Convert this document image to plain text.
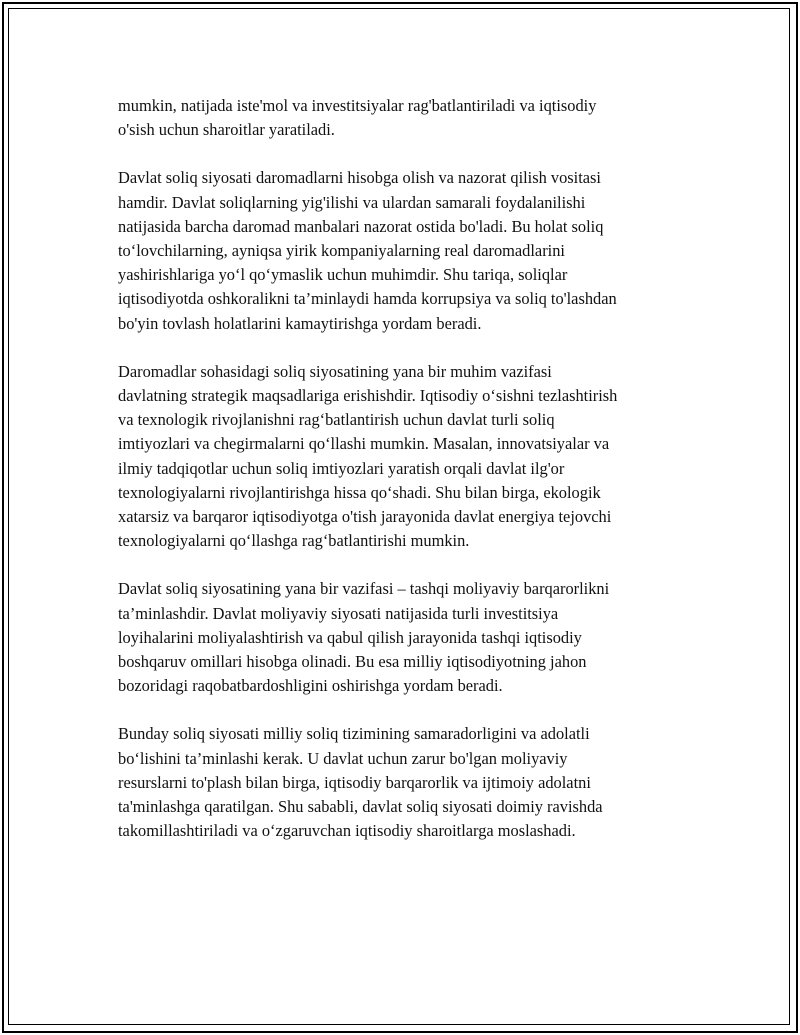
mumkin, natijada iste'mol va investitsiyalar rag'batlantiriladi va iqtisodiy
o'sish uchun sharoitlar yaratiladi.

Davlat soliq siyosati daromadlarni hisobga olish va nazorat qilish vositasi
hamdir. Davlat soliqlarning yig'ilishi va ulardan samarali foydalanilishi
natijasida barcha daromad manbalari nazorat ostida bo'ladi. Bu holat soliq
to‘lovchilarning, ayniqsa yirik kompaniyalarning real daromadlarini
yashirishlariga yo‘l qo‘ymaslik uchun muhimdir. Shu tariqa, soliqlar
iqtisodiyotda oshkoralikni ta’minlaydi hamda korrupsiya va soliq to'lashdan
bo'yin tovlash holatlarini kamaytirishga yordam beradi.

Daromadlar sohasidagi soliq siyosatining yana bir muhim vazifasi
davlatning strategik maqsadlariga erishishdir. Iqtisodiy o‘sishni tezlashtirish
va texnologik rivojlanishni rag‘batlantirish uchun davlat turli soliq
imtiyozlari va chegirmalarni qo‘llashi mumkin. Masalan, innovatsiyalar va
ilmiy tadqiqotlar uchun soliq imtiyozlari yaratish orqali davlat ilg'or
texnologiyalarni rivojlantirishga hissa qo‘shadi. Shu bilan birga, ekologik
xatarsiz va barqaror iqtisodiyotga o'tish jarayonida davlat energiya tejovchi
texnologiyalarni qo‘llashga rag‘batlantirishi mumkin.

Davlat soliq siyosatining yana bir vazifasi – tashqi moliyaviy barqarorlikni
ta’minlashdir. Davlat moliyaviy siyosati natijasida turli investitsiya
loyihalarini moliyalashtirish va qabul qilish jarayonida tashqi iqtisodiy
boshqaruv omillari hisobga olinadi. Bu esa milliy iqtisodiyotning jahon
bozoridagi raqobatbardoshligini oshirishga yordam beradi.

Bunday soliq siyosati milliy soliq tizimining samaradorligini va adolatli
bo‘lishini ta’minlashi kerak. U davlat uchun zarur bo'lgan moliyaviy
resurslarni to'plash bilan birga, iqtisodiy barqarorlik va ijtimoiy adolatni
ta'minlashga qaratilgan. Shu sababli, davlat soliq siyosati doimiy ravishda
takomillashtiriladi va o‘zgaruvchan iqtisodiy sharoitlarga moslashadi.
